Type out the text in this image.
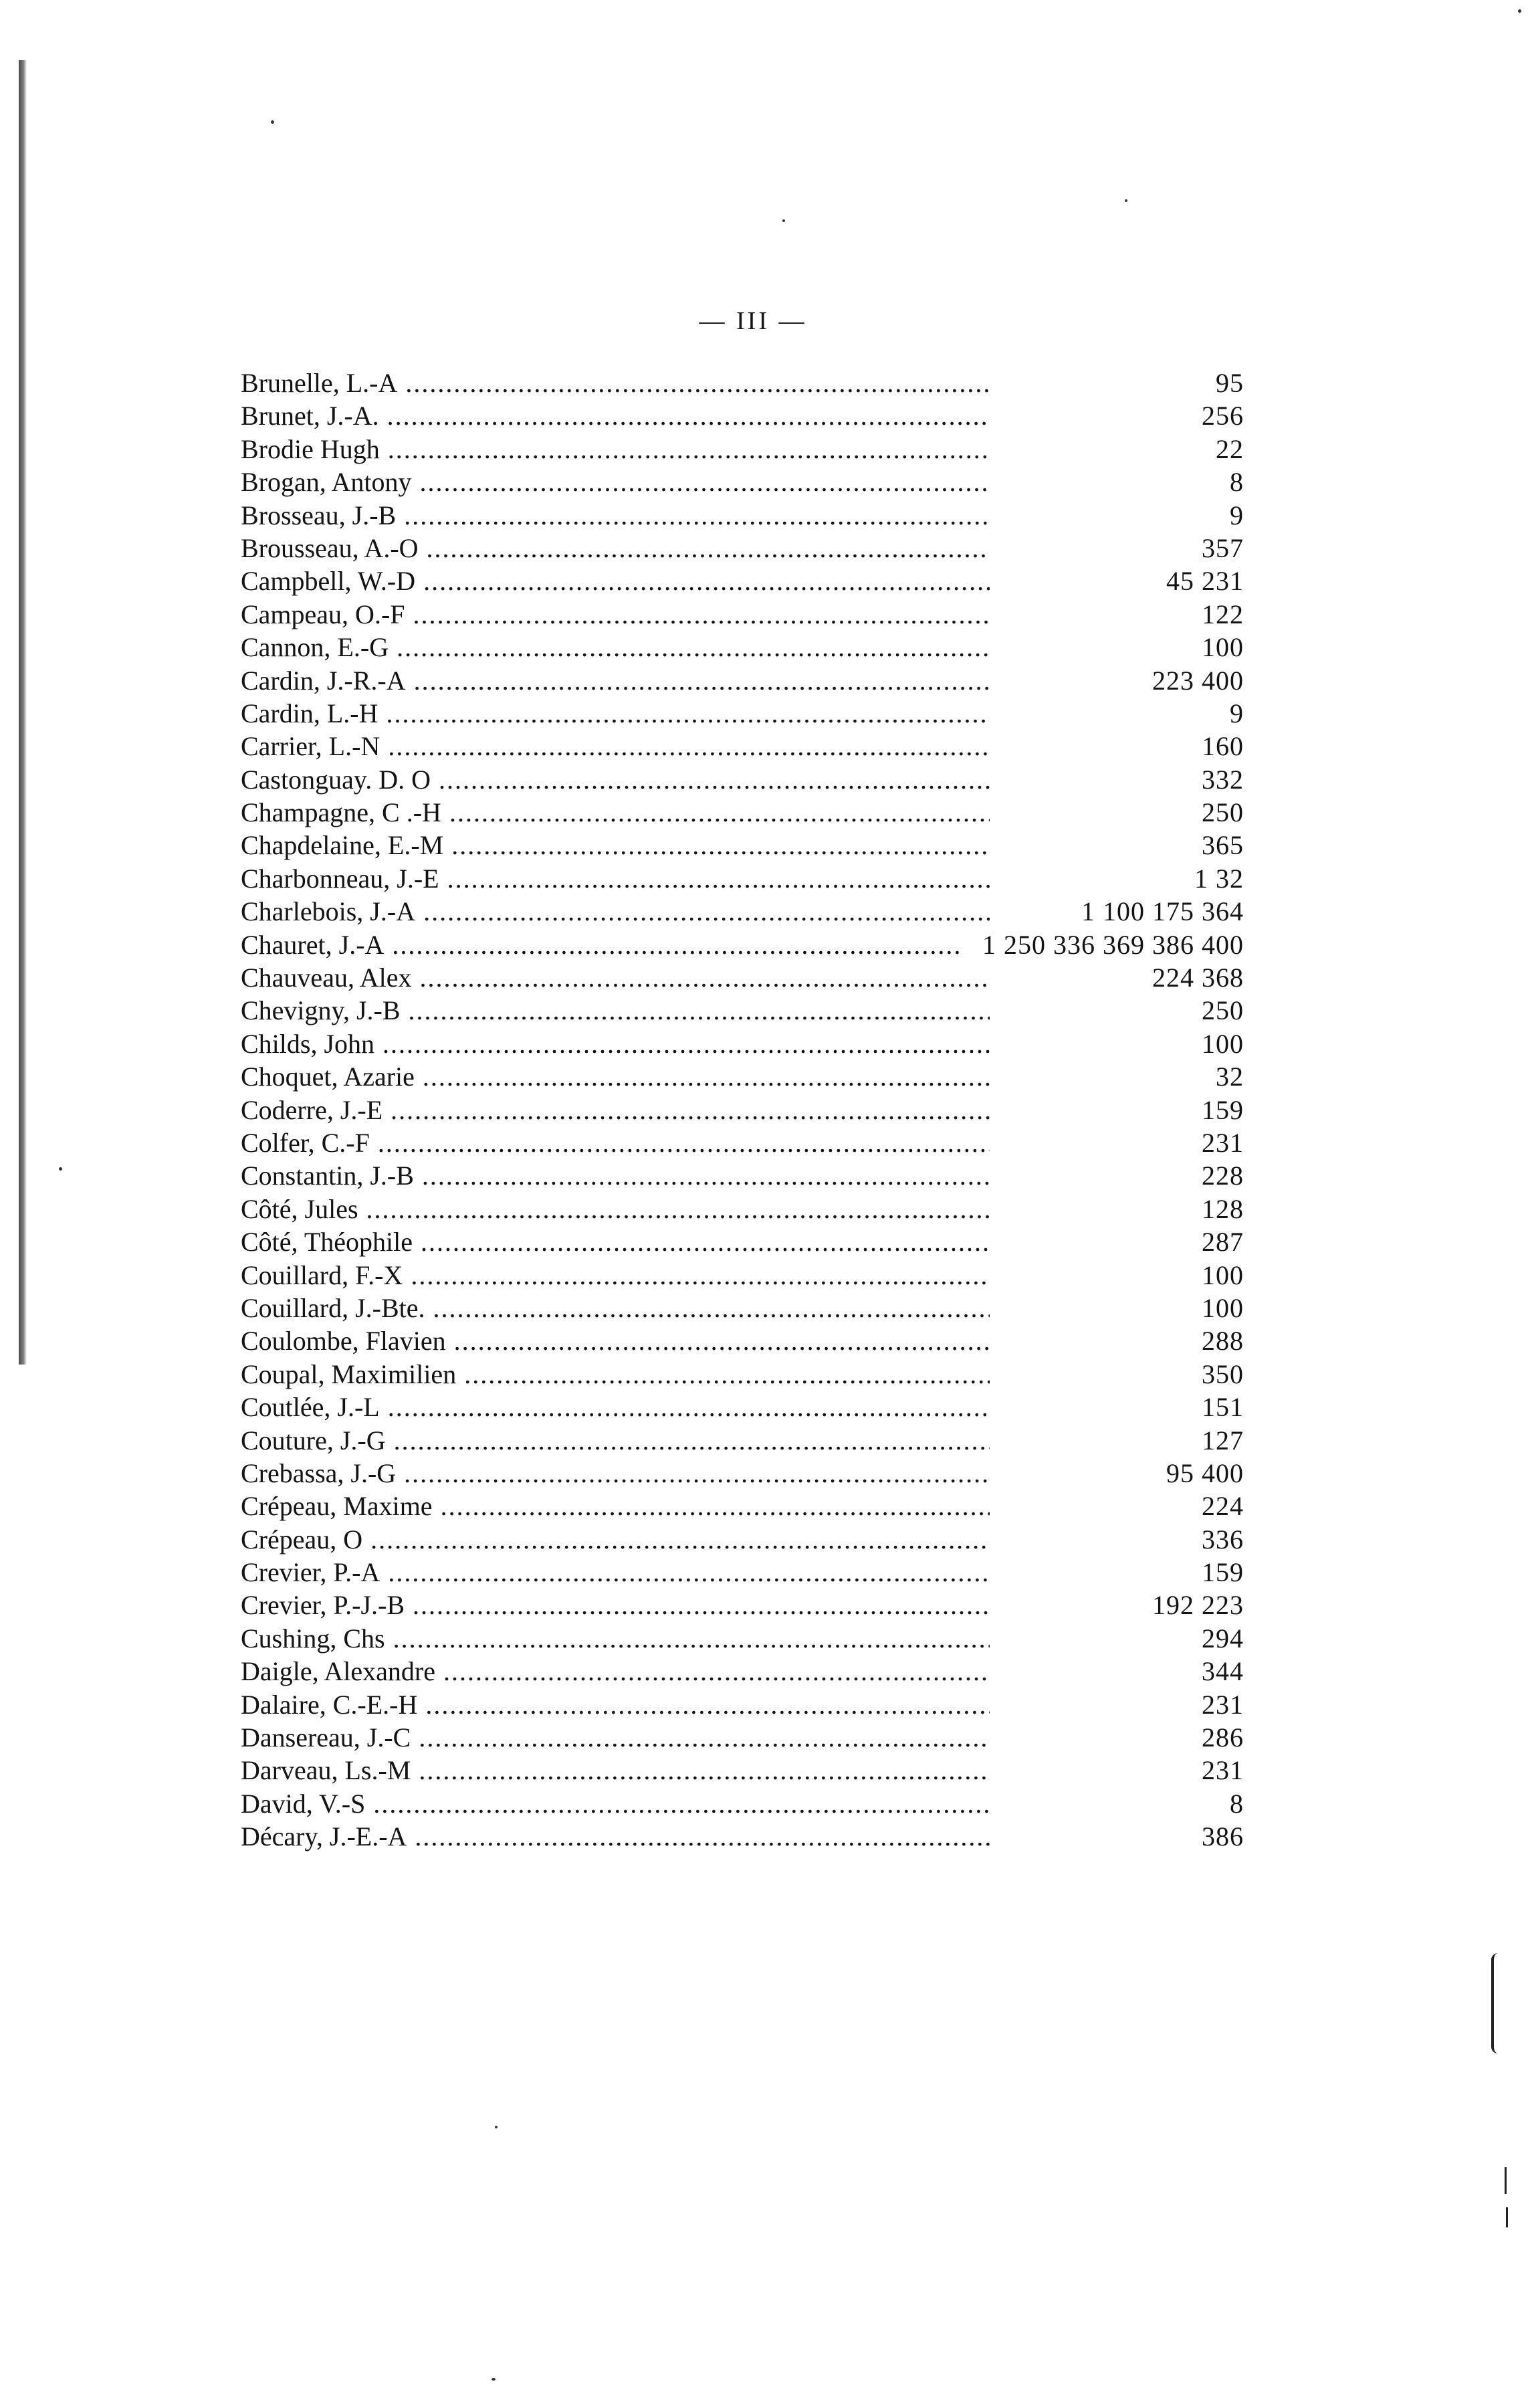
— III —
Brunelle, L.-A .....	95
Brunet, J.-A. .....	256
Brodie Hugh .....	22
Brogan, Antony .....	8
Brosseau, J.-B .....	9
Brousseau, A.-O .....	357
Campbell, W.-D .....	45 231
Campeau, O.-F .....	122
Cannon, E.-G .....	100
Cardin, J.-R.-A .....	223 400
Cardin, L.-H .....	9
Carrier, L.-N .....	160
Castonguay. D. O .....	332
Champagne, C .-H .....	250
Chapdelaine, E.-M .....	365
Charbonneau, J.-E .....	1 32
Charlebois, J.-A .....	1 100 175 364
Chauret, J.-A .....	1 250 336 369 386 400
Chauveau, Alex .....	224 368
Chevigny, J.-B .....	250
Childs, John .....	100
Choquet, Azarie .....	32
Coderre, J.-E .....	159
Colfer, C.-F .....	231
Constantin, J.-B .....	228
Côté, Jules .....	128
Côté, Théophile .....	287
Couillard, F.-X .....	100
Couillard, J.-Bte. .....	100
Coulombe, Flavien .....	288
Coupal, Maximilien .....	350
Coutlée, J.-L .....	151
Couture, J.-G .....	127
Crebassa, J.-G .....	95 400
Crépeau, Maxime .....	224
Crépeau, O .....	336
Crevier, P.-A .....	159
Crevier, P.-J.-B .....	192 223
Cushing, Chs .....	294
Daigle, Alexandre .....	344
Dalaire, C.-E.-H .....	231
Dansereau, J.-C .....	286
Darveau, Ls.-M .....	231
David, V.-S .....	8
Décary, J.-E.-A .....	386
